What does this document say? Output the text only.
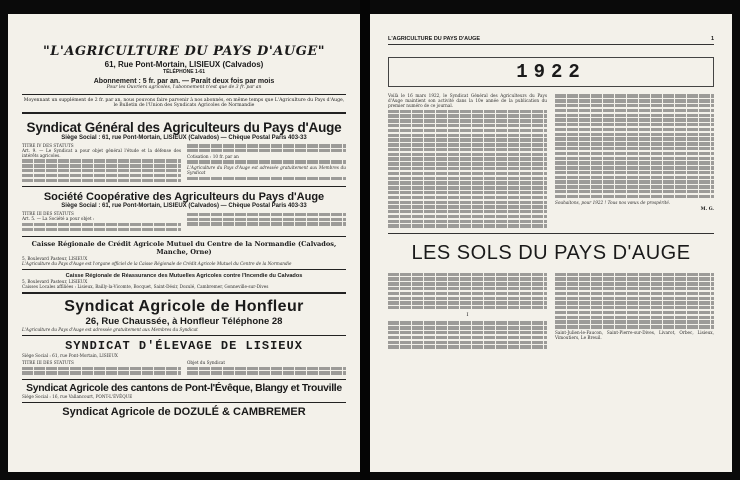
"L'AGRICULTURE DU PAYS D'AUGE"
61, Rue Pont-Mortain, LISIEUX (Calvados)
TÉLÉPHONE 1-61
Abonnement : 5 fr. par an. — Paraît deux fois par mois
Pour les Ouvriers agricoles, l'abonnement n'est que de 3 fr. par an
Moyennant un supplément de 2 fr. par an, nous pouvons faire parvenir à nos abonnés, en même temps que L'Agriculture du Pays d'Auge, le Bulletin de l'Union des Syndicats Agricoles de Normandie
Syndicat Général des Agriculteurs du Pays d'Auge
Siège Social : 61, rue Pont-Mortain, LISIEUX (Calvados) — Chèque Postal Paris 403-33
TITRE IV DES STATUTS
Art. 9. — Le Syndicat a pour objet général l'étude et la défense des intérêts agricoles.	Cotisation : 10 fr. par an
L'Agriculture du Pays d'Auge est adressée gratuitement aux Membres du Syndicat
Société Coopérative des Agriculteurs du Pays d'Auge
Siège Social : 61, rue Pont-Mortain, LISIEUX (Calvados) — Chèque Postal Paris 403-33
TITRE III DES STATUTS
Art. 5. — La Société a pour objet :
Caisse Régionale de Crédit Agricole Mutuel du Centre de la Normandie (Calvados, Manche, Orne)
5, Boulevard Pasteur, LISIEUX
L'Agriculture du Pays d'Auge est l'organe officiel de la Caisse Régionale de Crédit Agricole Mutuel du Centre de la Normandie
Caisse Régionale de Réassurance des Mutuelles Agricoles contre l'Incendie du Calvados
5, Boulevard Pasteur, LISIEUX
Caisses Locales affiliées : Lisieux, Bailly-la-Vicomte, Bocquet, Saint-Désir, Dozulé, Cambremer, Gonneville-sur-Dives
Syndicat Agricole de Honfleur
26, Rue Chaussée, à Honfleur Téléphone 28
L'Agriculture du Pays d'Auge est adressée gratuitement aux Membres du Syndicat
SYNDICAT D'ÉLEVAGE DE LISIEUX
Siège Social : 61, rue Pont-Mortain, LISIEUX
TITRE III DES STATUTS	Objet du Syndicat
Syndicat Agricole des cantons de Pont-l'Évêque, Blangy et Trouville
Siège Social : 16, rue Vallancourt, PONT-L'ÉVÊQUE
Syndicat Agricole de DOZULÉ & CAMBREMER
L'AGRICULTURE DU PAYS D'AUGE	1
1922
Voilà le 16 mars 1922, le Syndicat Général des Agriculteurs du Pays d'Auge maintient son activité dans la 10e année de la publication du premier numéro de ce journal.
Souhaitons, pour 1922 ! Tous nos vœux de prospérité.
M. G.
LES SOLS DU PAYS D'AUGE
I
Saint-Julien-le-Faucon, Saint-Pierre-sur-Dives, Livarot, Orbec, Lisieux, Vimoutiers, Le Breuil.
